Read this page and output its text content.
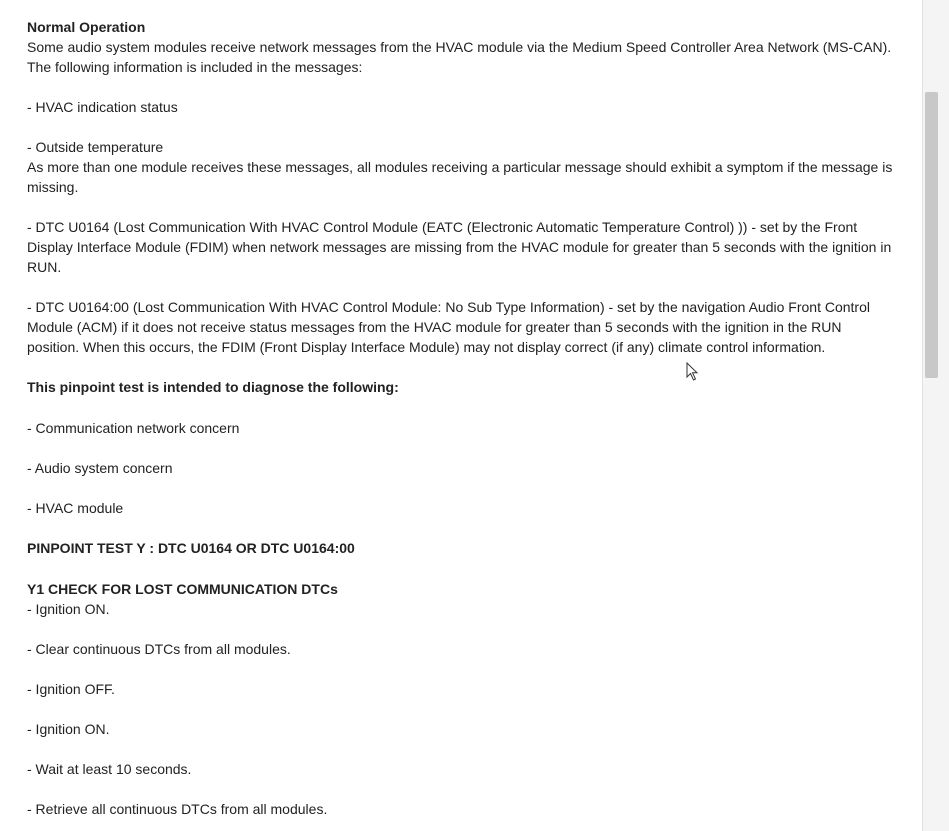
Normal Operation

Some audio system modules receive network messages from the HVAC module via the Medium Speed Controller Area Network (MS-CAN).

The following information is included in the messages:

- HVAC indication status

- Outside temperature

As more than one module receives these messages, all modules receiving a particular message should exhibit a symptom if the message is

missing.

- DTC U0164 (Lost Communication With HVAC Control Module (EATC (Electronic Automatic Temperature Control) )) - set by the Front

Display Interface Module (FDIM) when network messages are missing from the HVAC module for greater than 5 seconds with the ignition in

RUN.

- DTC U0164:00 (Lost Communication With HVAC Control Module: No Sub Type Information) - set by the navigation Audio Front Control

Module (ACM) if it does not receive status messages from the HVAC module for greater than 5 seconds with the ignition in the RUN

position. When this occurs, the FDIM (Front Display Interface Module) may not display correct (if any) climate control information.

This pinpoint test is intended to diagnose the following:

- Communication network concern

- Audio system concern

- HVAC module

PINPOINT TEST Y : DTC U0164 OR DTC U0164:00

Y1 CHECK FOR LOST COMMUNICATION DTCs

- Ignition ON.

- Clear continuous DTCs from all modules.

- Ignition OFF.

- Ignition ON.

- Wait at least 10 seconds.

- Retrieve all continuous DTCs from all modules.
